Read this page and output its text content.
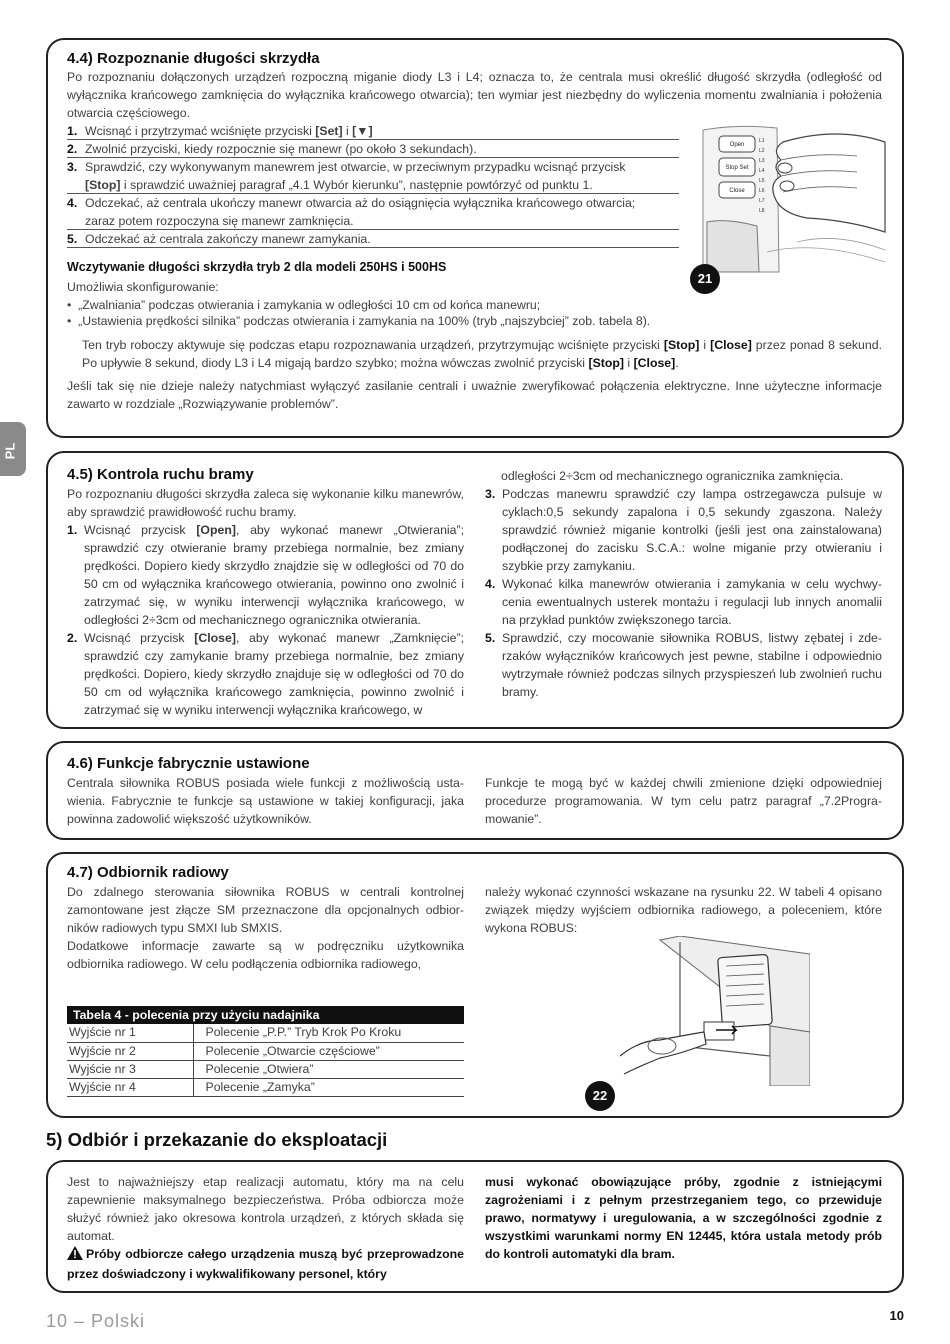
PL
4.4) Rozpoznanie długości skrzydła
Po rozpoznaniu dołączonych urządzeń rozpoczną miganie diody L3 i L4; oznacza to, że centrala musi określić długość skrzydła (odległość od wyłącznika krańcowego zamknięcia do wyłącznika krańcowego otwarcia); ten wymiar jest niezbędny do wyliczenia momentu zwalniania i położenia otwarcia częściowego.
1. Wcisnąć i przytrzymać wciśnięte przyciski [Set] i [▼]
2. Zwolnić przyciski, kiedy rozpocznie się manewr (po około 3 sekundach).
3. Sprawdzić, czy wykonywanym manewrem jest otwarcie, w przeciwnym przypadku wcisnąć przycisk
[Stop] i sprawdzić uważniej paragraf „4.1 Wybór kierunku”, następnie powtórzyć od punktu 1.
4. Odczekać, aż centrala ukończy manewr otwarcia aż do osiągnięcia wyłącznika krańcowego otwarcia;
zaraz potem rozpoczyna się manewr zamknięcia.
5. Odczekać aż centrala zakończy manewr zamykania.
Wczytywanie długości skrzydła tryb 2 dla modeli 250HS i 500HS
Umożliwia skonfigurowanie:
•  „Zwalniania” podczas otwierania i zamykania w odległości 10 cm od końca manewru;
•  „Ustawienia prędkości silnika” podczas otwierania i zamykania na 100% (tryb „najszybciej” zob. tabela 8).
Ten tryb roboczy aktywuje się podczas etapu rozpoznawania urządzeń, przytrzymując wciśnięte przyciski [Stop] i [Close] przez ponad 8 sekund. Po upływie 8 sekund, diody L3 i L4 migają bardzo szybko; można wówczas zwolnić przyciski [Stop] i [Close].
Jeśli tak się nie dzieje należy natychmiast wyłączyć zasilanie centrali i uważnie zweryfikować połączenia elektryczne. Inne użyteczne informacje zawarto w rozdziale „Rozwiązywanie problemów”.
Open
Stop Set
Close
L1
L2
L3
L4
L5
L6
L7
L8
21
4.5) Kontrola ruchu bramy
Po rozpoznaniu długości skrzydła zaleca się wykonanie kilku manewrów, aby sprawdzić prawidłowość ruchu bramy.
1. Wcisnąć przycisk [Open], aby wykonać manewr „Otwierania”; sprawdzić czy otwieranie bramy przebiega normalnie, bez zmiany prędkości. Dopiero kiedy skrzydło znajdzie się w odległości od 70 do 50 cm od wyłącznika krańcowego otwierania, powinno ono zwolnić i zatrzymać się, w wyniku interwencji wyłącznika krańcowego, w odległości 2÷3cm od mechanicznego ogranicznika otwierania.
2. Wcisnąć przycisk [Close], aby wykonać manewr „Zamknięcie”; sprawdzić czy zamykanie bramy przebiega normalnie, bez zmiany prędkości. Dopiero, kiedy skrzydło znajduje się w odległości od 70 do 50 cm od wyłącznika krańcowego zamknięcia, powinno zwolnić i zatrzymać się w wyniku interwencji wyłącznika krańcowego, w
odległości 2÷3cm od mechanicznego ogranicznika zamknięcia.
3. Podczas manewru sprawdzić czy lampa ostrzegawcza pulsuje w cyklach:0,5 sekundy zapalona i 0,5 sekundy zgaszona. Należy sprawdzić również miganie kontrolki (jeśli jest ona zainstalowana) podłączonej do zacisku S.C.A.: wolne miganie przy otwieraniu i szybkie przy zamykaniu.
4. Wykonać kilka manewrów otwierania i zamykania w celu wychwycenia ewentualnych usterek montażu i regulacji lub innych anomalii na przykład punktów zwiększonego tarcia.
5. Sprawdzić, czy mocowanie siłownika ROBUS, listwy zębatej i zderzaków wyłączników krańcowych jest pewne, stabilne i odpowiednio wytrzymałe również podczas silnych przyspieszeń lub zwolnień ruchu bramy.
4.6) Funkcje fabrycznie ustawione
Centrala siłownika ROBUS posiada wiele funkcji z możliwością ustawienia. Fabrycznie te funkcje są ustawione w takiej konfiguracji, jaka powinna zadowolić większość użytkowników.
Funkcje te mogą być w każdej chwili zmienione dzięki odpowiedniej procedurze programowania. W tym celu patrz paragraf „7.2Programowanie”.
4.7) Odbiornik radiowy
Do zdalnego sterowania siłownika ROBUS w centrali kontrolnej zamontowane jest złącze SM przeznaczone dla opcjonalnych odbiorników radiowych typu SMXI lub SMXIS.
Dodatkowe informacje zawarte są w podręczniku użytkownika odbiornika radiowego. W celu podłączenia odbiornika radiowego,
należy wykonać czynności wskazane na rysunku 22. W tabeli 4 opisano związek między wyjściem odbiornika radiowego, a poleceniem, które wykona ROBUS:
Tabela 4 - polecenia przy użyciu nadajnika	
Wyjście nr 1	Polecenie „P.P.” Tryb Krok Po Kroku
Wyjście nr 2	Polecenie „Otwarcie częściowe”
Wyjście nr 3	Polecenie „Otwiera”
Wyjście nr 4	Polecenie „Zamyka”
22
5) Odbiór i przekazanie do eksploatacji
Jest to najważniejszy etap realizacji automatu, który ma na celu zapewnienie maksymalnego bezpieczeństwa. Próba odbiorcza może służyć również jako okresowa kontrola urządzeń, z których składa się automat.
Próby odbiorcze całego urządzenia muszą być przeprowadzone przez doświadczony i wykwalifikowany personel, który
musi wykonać obowiązujące próby, zgodnie z istniejącymi zagrożeniami i z pełnym przestrzeganiem tego, co przewiduje prawo, normatywy i uregulowania, a w szczególności zgodnie z wszystkimi warunkami normy EN 12445, która ustala metody prób do kontroli automatyki dla bram.
10 – Polski	10
